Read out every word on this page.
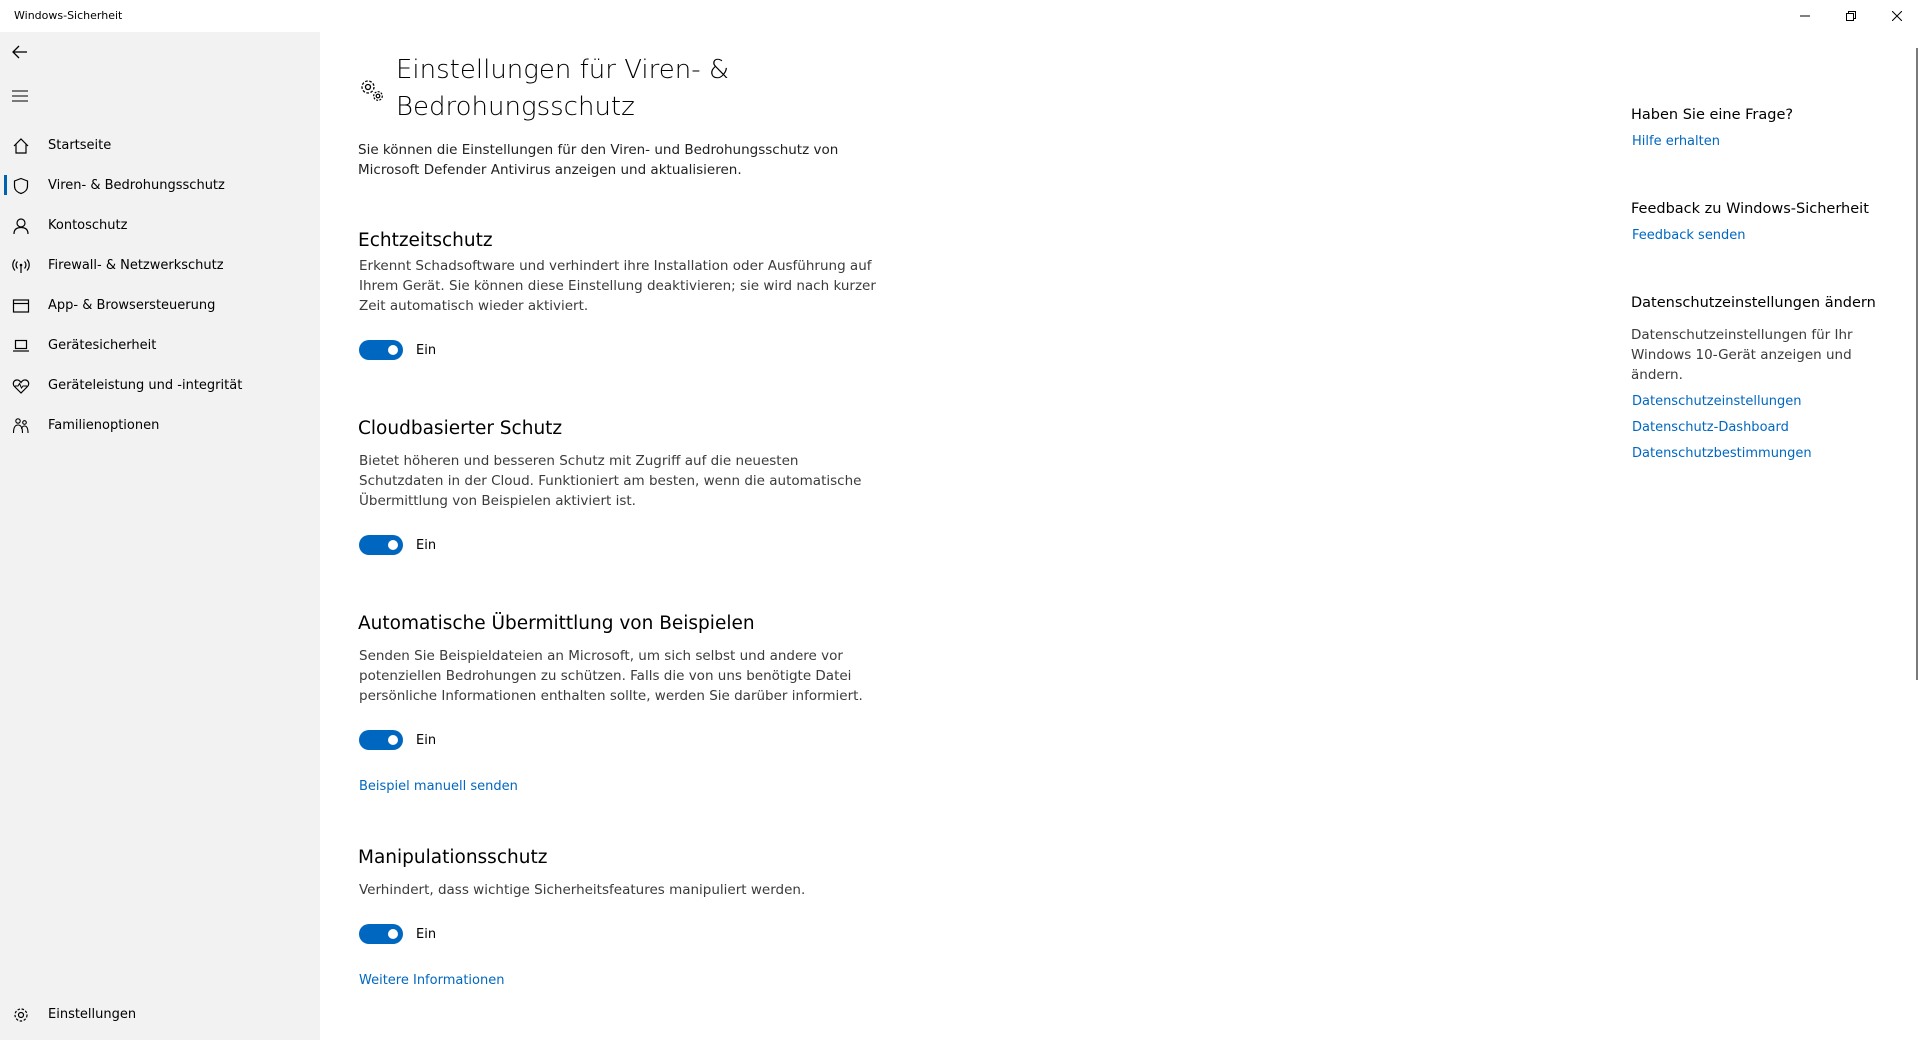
Windows-Sicherheit
Startseite
Viren- & Bedrohungsschutz
Kontoschutz
Firewall- & Netzwerkschutz
App- & Browsersteuerung
Gerätesicherheit
Geräteleistung und -integrität
Familienoptionen
Einstellungen
Einstellungen für Viren- & Bedrohungsschutz
Sie können die Einstellungen für den Viren- und Bedrohungsschutz von Microsoft Defender Antivirus anzeigen und aktualisieren.
Echtzeitschutz
Erkennt Schadsoftware und verhindert ihre Installation oder Ausführung auf Ihrem Gerät. Sie können diese Einstellung deaktivieren; sie wird nach kurzer Zeit automatisch wieder aktiviert.
Ein
Cloudbasierter Schutz
Bietet höheren und besseren Schutz mit Zugriff auf die neuesten Schutzdaten in der Cloud. Funktioniert am besten, wenn die automatische Übermittlung von Beispielen aktiviert ist.
Ein
Automatische Übermittlung von Beispielen
Senden Sie Beispieldateien an Microsoft, um sich selbst und andere vor potenziellen Bedrohungen zu schützen. Falls die von uns benötigte Datei persönliche Informationen enthalten sollte, werden Sie darüber informiert.
Ein
Beispiel manuell senden
Manipulationsschutz
Verhindert, dass wichtige Sicherheitsfeatures manipuliert werden.
Ein
Weitere Informationen
Haben Sie eine Frage?
Hilfe erhalten
Feedback zu Windows-Sicherheit
Feedback senden
Datenschutzeinstellungen ändern
Datenschutzeinstellungen für Ihr Windows 10-Gerät anzeigen und ändern.
Datenschutzeinstellungen
Datenschutz-Dashboard
Datenschutzbestimmungen
